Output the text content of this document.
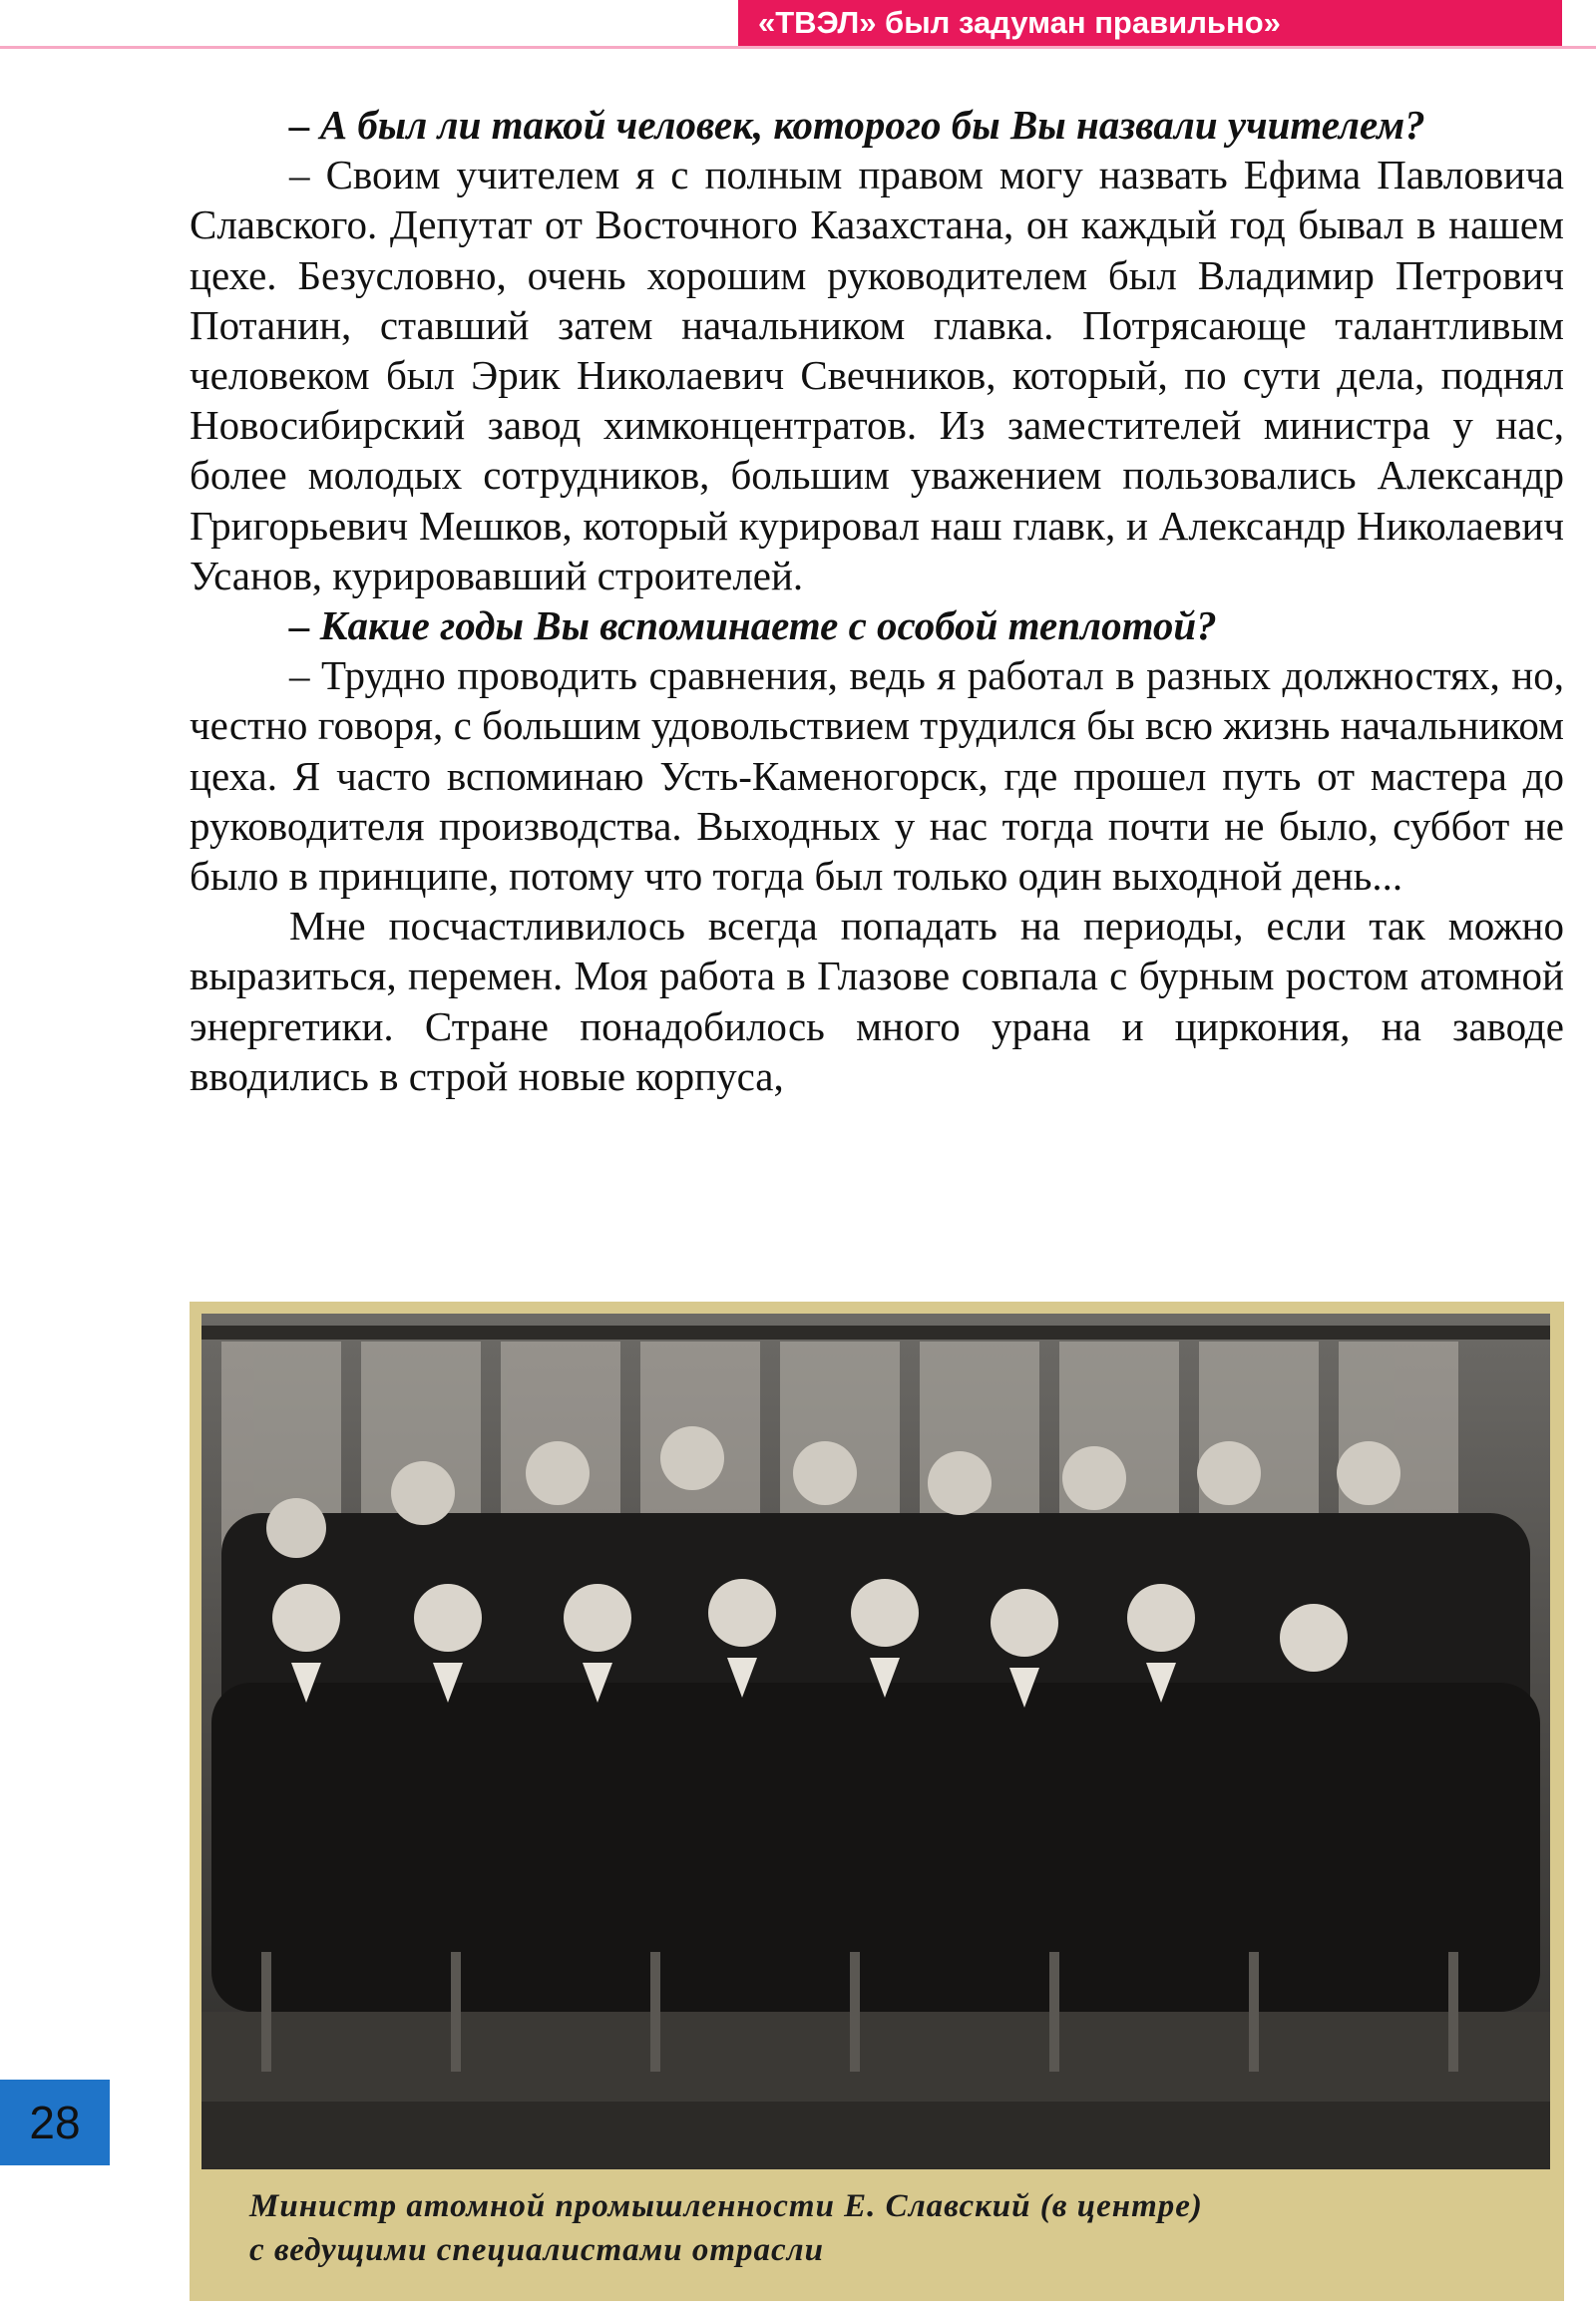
«ТВЭЛ» был задуман правильно»

– А был ли такой человек, которого бы Вы назвали учителем?

– Своим учителем я с полным правом могу назвать Ефима Павловича Славского. Депутат от Восточного Казахстана, он каждый год бывал в нашем цехе. Безусловно, очень хорошим руководителем был Владимир Петрович Потанин, ставший затем начальником главка. Потрясающе талантливым человеком был Эрик Николаевич Свечников, который, по сути дела, поднял Новосибирский завод химконцентратов. Из заместителей министра у нас, более молодых сотрудников, большим уважением пользовались Александр Григорьевич Мешков, который курировал наш главк, и Александр Николаевич Усанов, курировавший строителей.

– Какие годы Вы вспоминаете с особой теплотой?

– Трудно проводить сравнения, ведь я работал в разных должностях, но, честно говоря, с большим удовольствием трудился бы всю жизнь начальником цеха. Я часто вспоминаю Усть-Каменогорск, где прошел путь от мастера до руководителя производства. Выходных у нас тогда почти не было, суббот не было в принципе, потому что тогда был только один выходной день...

Мне посчастливилось всегда попадать на периоды, если так можно выразиться, перемен. Моя работа в Глазове совпала с бурным ростом атомной энергетики. Стране понадобилось много урана и циркония, на заводе вводились в строй новые корпуса,

Министр атомной промышленности Е. Славский (в центре)
с ведущими специалистами отрасли
28
